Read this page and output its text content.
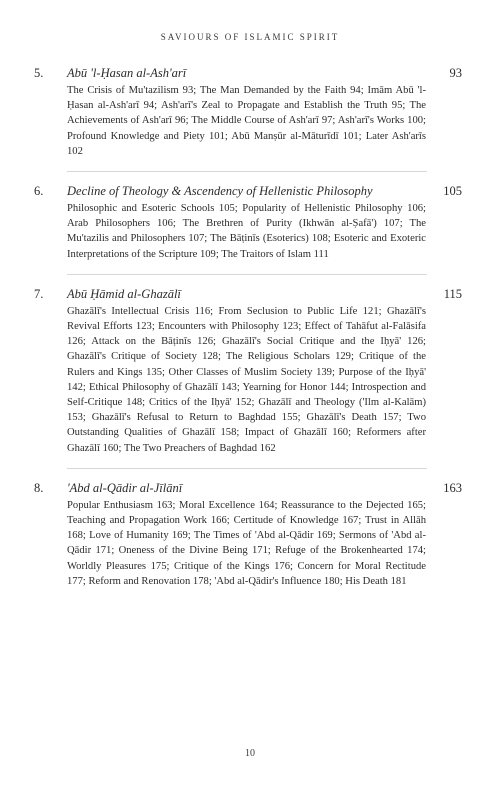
SAVIOURS OF ISLAMIC SPIRIT
5. Abū 'l-Ḥasan al-Ash'arī	93
The Crisis of Mu'tazilism 93; The Man Demanded by the Faith 94; Imām Abū 'l-Ḥasan al-Ash'arī 94; Ash'arī's Zeal to Propagate and Establish the Truth 95; The Achievements of Ash'arī 96; The Middle Course of Ash'arī 97; Ash'arī's Works 100; Profound Knowledge and Piety 101; Abū Manṣūr al-Māturīdī 101; Later Ash'arīs 102
6. Decline of Theology & Ascendency of Hellenistic Philosophy	105
Philosophic and Esoteric Schools 105; Popularity of Hellenistic Philosophy 106; Arab Philosophers 106; The Brethren of Purity (Ikhwān al-Ṣafā') 107; The Mu'tazilis and Philosophers 107; The Bāṭinīs (Esoterics) 108; Esoteric and Exoteric Interpretations of the Scripture 109; The Traitors of Islam 111
7. Abū Ḥāmid al-Ghazālī	115
Ghazālī's Intellectual Crisis 116; From Seclusion to Public Life 121; Ghazālī's Revival Efforts 123; Encounters with Philosophy 123; Effect of Tahāfut al-Falāsifa 126; Attack on the Bāṭinīs 126; Ghazālī's Social Critique and the Iḥyā' 126; Ghazālī's Critique of Society 128; The Religious Scholars 129; Critique of the Rulers and Kings 135; Other Classes of Muslim Society 139; Purpose of the Iḥyā' 142; Ethical Philosophy of Ghazālī 143; Yearning for Honor 144; Introspection and Self-Critique 148; Critics of the Iḥyā' 152; Ghazālī and Theology ('Ilm al-Kalām) 153; Ghazālī's Refusal to Return to Baghdad 155; Ghazālī's Death 157; Two Outstanding Qualities of Ghazālī 158; Impact of Ghazālī 160; Reformers after Ghazālī 160; The Two Preachers of Baghdad 162
8. 'Abd al-Qādir al-Jīlānī	163
Popular Enthusiasm 163; Moral Excellence 164; Reassurance to the Dejected 165; Teaching and Propagation Work 166; Certitude of Knowledge 167; Trust in Allāh 168; Love of Humanity 169; The Times of 'Abd al-Qādir 169; Sermons of 'Abd al-Qādir 171; Oneness of the Divine Being 171; Refuge of the Brokenhearted 174; Worldly Pleasures 175; Critique of the Kings 176; Concern for Moral Rectitude 177; Reform and Renovation 178; 'Abd al-Qādir's Influence 180; His Death 181
10
